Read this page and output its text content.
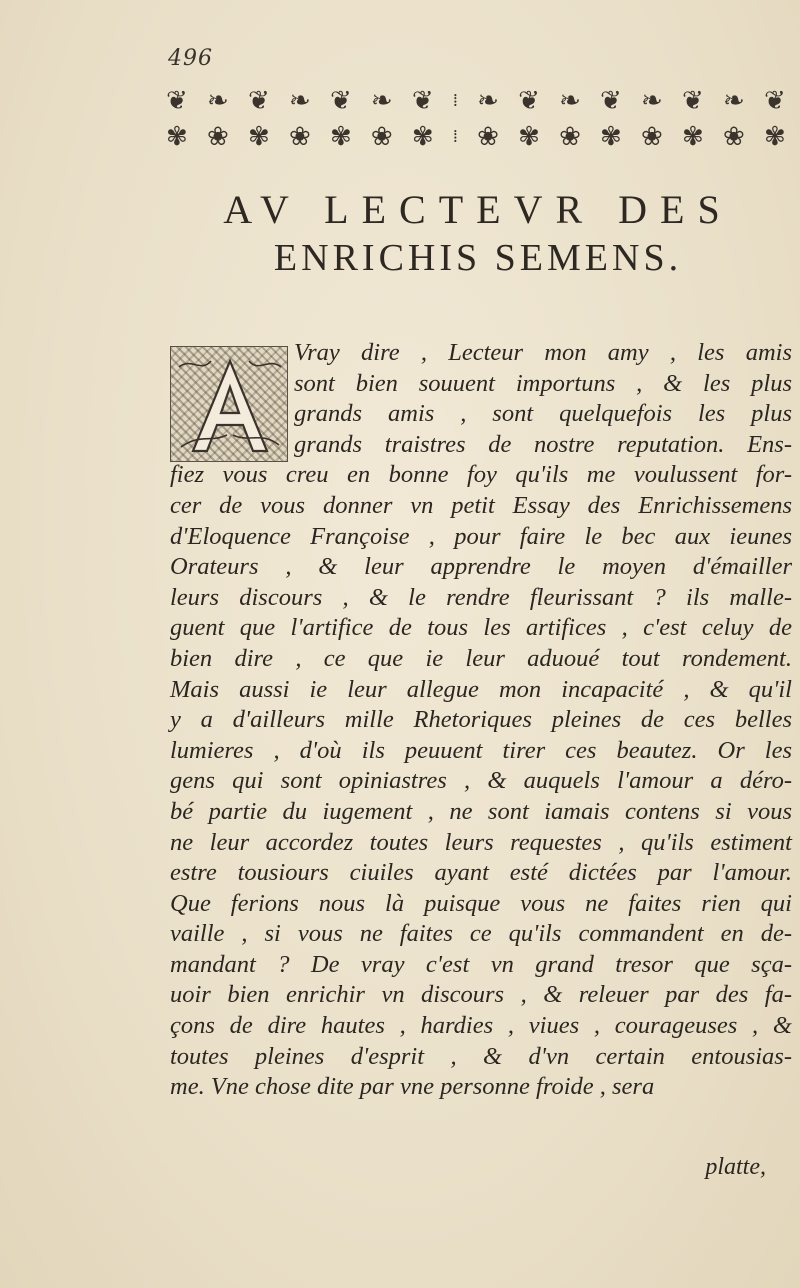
496
❦ ❧ ❦ ❧ ❦ ❧ ❦ ⁞ ❧ ❦ ❧ ❦ ❧ ❦ ❧ ❦
✾ ❀ ✾ ❀ ✾ ❀ ✾ ⁞ ❀ ✾ ❀ ✾ ❀ ✾ ❀ ✾
AV LECTEVR DES
ENRICHIS SEMENS.
Vray dire , Lecteur mon amy , les amis
sont bien souuent importuns , & les plus
grands amis , sont quelquefois les plus
grands traistres de nostre reputation. Ens-
fiez vous creu en bonne foy qu'ils me voulussent for-
cer de vous donner vn petit Essay des Enrichissemens
d'Eloquence Françoise , pour faire le bec aux ieunes
Orateurs , & leur apprendre le moyen d'émailler
leurs discours , & le rendre fleurissant ? ils malle-
guent que l'artifice de tous les artifices , c'est celuy de
bien dire , ce que ie leur aduoué tout rondement.
Mais aussi ie leur allegue mon incapacité , & qu'il
y a d'ailleurs mille Rhetoriques pleines de ces belles
lumieres , d'où ils peuuent tirer ces beautez. Or les
gens qui sont opiniastres , & auquels l'amour a déro-
bé partie du iugement , ne sont iamais contens si vous
ne leur accordez toutes leurs requestes , qu'ils estiment
estre tousiours ciuiles ayant esté dictées par l'amour.
Que ferions nous là puisque vous ne faites rien qui
vaille , si vous ne faites ce qu'ils commandent en de-
mandant ? De vray c'est vn grand tresor que sça-
uoir bien enrichir vn discours , & releuer par des fa-
çons de dire hautes , hardies , viues , courageuses , &
toutes pleines d'esprit , & d'vn certain entousias-
me. Vne chose dite par vne personne froide , sera
platte,
